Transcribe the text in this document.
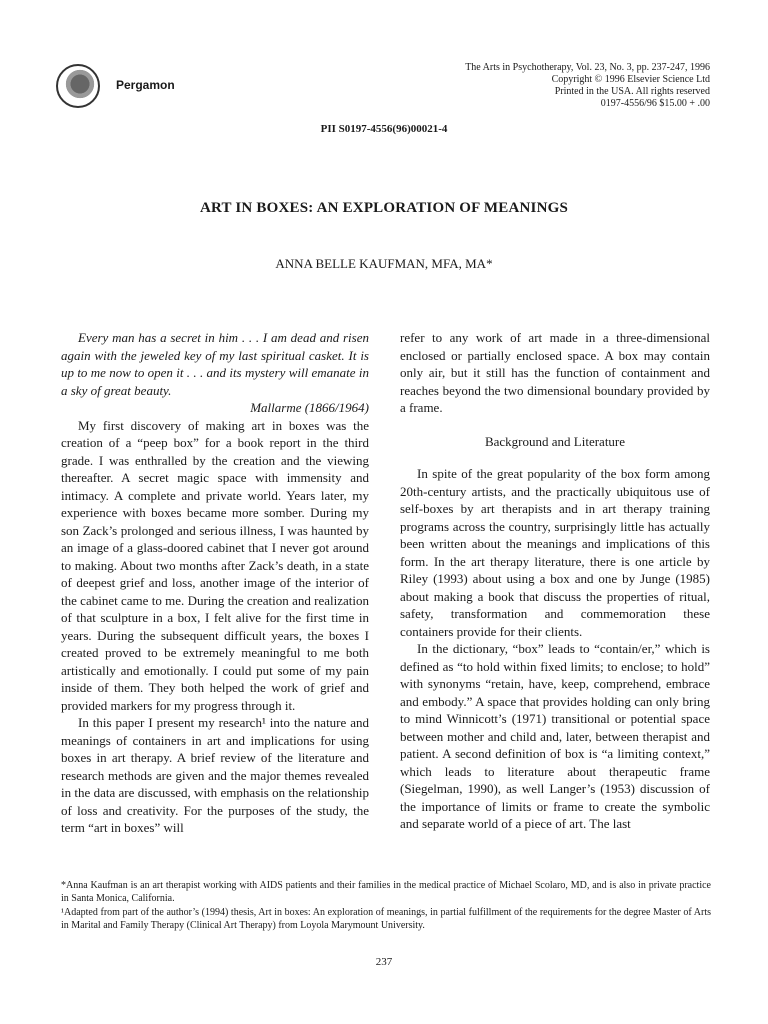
Pergamon
The Arts in Psychotherapy, Vol. 23, No. 3, pp. 237-247, 1996
Copyright © 1996 Elsevier Science Ltd
Printed in the USA. All rights reserved
0197-4556/96 $15.00 + .00
PII S0197-4556(96)00021-4
ART IN BOXES: AN EXPLORATION OF MEANINGS
ANNA BELLE KAUFMAN, MFA, MA*

Every man has a secret in him . . . I am dead and risen again with the jeweled key of my last spiritual casket. It is up to me now to open it . . . and its mystery will emanate in a sky of great beauty.

Mallarme (1866/1964)

My first discovery of making art in boxes was the creation of a “peep box” for a book report in the third grade. I was enthralled by the creation and the viewing thereafter. A secret magic space with immensity and intimacy. A complete and private world. Years later, my experience with boxes became more somber. During my son Zack’s prolonged and serious illness, I was haunted by an image of a glass-doored cabinet that I never got around to making. About two months after Zack’s death, in a state of deepest grief and loss, another image of the interior of the cabinet came to me. During the creation and realization of that sculpture in a box, I felt alive for the first time in years. During the subsequent difficult years, the boxes I created proved to be extremely meaningful to me both artistically and emotionally. I could put some of my pain inside of them. They both helped the work of grief and provided markers for my progress through it.

In this paper I present my research¹ into the nature and meanings of containers in art and implications for using boxes in art therapy. A brief review of the literature and research methods are given and the major themes revealed in the data are discussed, with emphasis on the relationship of loss and creativity. For the purposes of the study, the term “art in boxes” will

refer to any work of art made in a three-dimensional enclosed or partially enclosed space. A box may contain only air, but it still has the function of containment and reaches beyond the two dimensional boundary provided by a frame.

Background and Literature

In spite of the great popularity of the box form among 20th-century artists, and the practically ubiquitous use of self-boxes by art therapists and in art therapy training programs across the country, surprisingly little has actually been written about the meanings and implications of this form. In the art therapy literature, there is one article by Riley (1993) about using a box and one by Junge (1985) about making a book that discuss the properties of ritual, safety, transformation and commemoration these containers provide for their clients.

In the dictionary, “box” leads to “contain/er,” which is defined as “to hold within fixed limits; to enclose; to hold” with synonyms “retain, have, keep, comprehend, embrace and embody.” A space that provides holding can only bring to mind Winnicott’s (1971) transitional or potential space between mother and child and, later, between therapist and patient. A second definition of box is “a limiting context,” which leads to literature about therapeutic frame (Siegelman, 1990), as well Langer’s (1953) discussion of the importance of limits or frame to create the symbolic and separate world of a piece of art. The last

*Anna Kaufman is an art therapist working with AIDS patients and their families in the medical practice of Michael Scolaro, MD, and is also in private practice in Santa Monica, California.
¹Adapted from part of the author’s (1994) thesis, Art in boxes: An exploration of meanings, in partial fulfillment of the requirements for the degree Master of Arts in Marital and Family Therapy (Clinical Art Therapy) from Loyola Marymount University.
237
